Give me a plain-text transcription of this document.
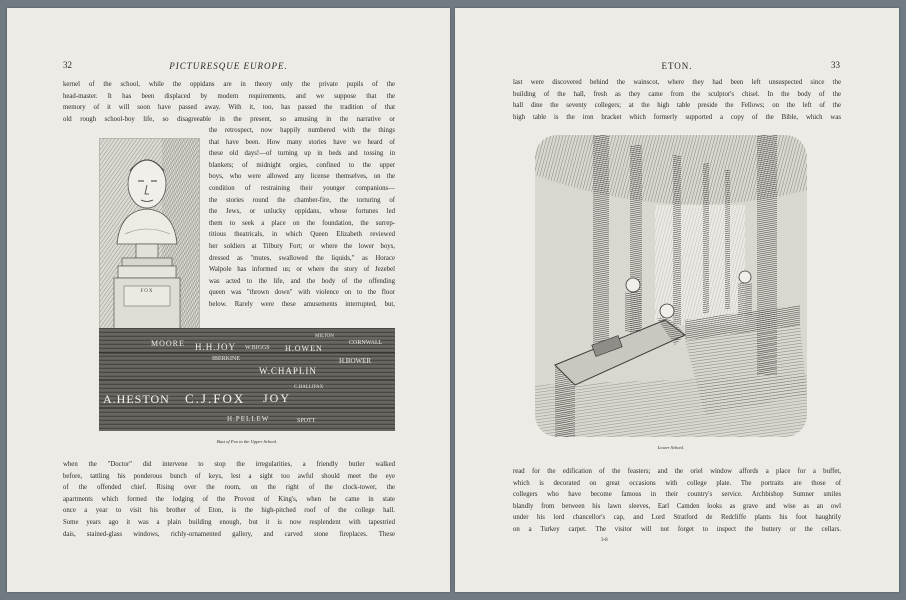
32	PICTURESQUE EUROPE.
kernel of the school, while the oppidans are in theory only the private pupils of the
head-master. It has been displaced by modern requirements, and we suppose that the
memory of it will soon have passed away. With it, too, has passed the tradition of that
old rough school-boy life, so disagreeable in the present, so amusing in the narrative or
the retrospect, now happily numbered with the things
that have been. How many stories have we heard of
these old days!—of turning up in beds and tossing in
blankets; of midnight orgies, confined to the upper
boys, who were allowed any license themselves, on the
condition of restraining their younger companions—
the stories round the chamber-fire, the torturing of
the Jews, or unlucky oppidans, whose fortunes led
them to seek a place on the foundation, the surrep-
titious theatricals, in which Queen Elizabeth reviewed
her soldiers at Tilbury Fort; or where the lower boys,
dressed as "mutes, swallowed the liquids," as Horace
Walpole has informed us; or where the story of Jezebel
was acted to the life, and the body of the offending
queen was "thrown down" with violence on to the floor
below. Rarely were these amusements interrupted, but,
FOX
MOORE H.H.JOY W.BIGGS H.OWEN
MILTON
CORNWALL
IBERKINE	H.BOWER
W.CHAPLIN
C.HALLIFAX
A.HESTON C.J.FOX JOY
H.PELLEW	SPOTT
Bust of Fox in the Upper School.
when the "Doctor" did intervene to stop the irregularities, a friendly butler walked
before, tattling his ponderous bunch of keys, lest a sight too awful should meet the eye
of the offended chief. Rising over the room, on the right of the clock-tower, the
apartments which formed the lodging of the Provost of King's, when he came in state
once a year to visit his brother of Eton, is the high-pitched roof of the college hall.
Some years ago it was a plain building enough, but it is now resplendent with tapestried
dais, stained-glass windows, richly-ornamented gallery, and carved stone fireplaces. These
ETON.	33
last were discovered behind the wainscot, where they had been left unsuspected since the
building of the hall, fresh as they came from the sculptor's chisel. In the body of the
hall dine the seventy collegers; at the high table preside the Fellows; on the left of the
high table is the iron bracket which formerly supported a copy of the Bible, which was
Lower School.
read for the edification of the feasters; and the oriel window affords a place for a buffet,
which is decorated on great occasions with college plate. The portraits are those of
collegers who have become famous in their country's service. Archbishop Sumner smiles
blandly from between his lawn sleeves, Earl Camden looks as grave and wise as an owl
under his lord chancellor's cap, and Lord Stratford de Redcliffe plants his foot haughtily
on a Turkey carpet. The visitor will not forget to inspect the buttery or the cellars.
3-8
